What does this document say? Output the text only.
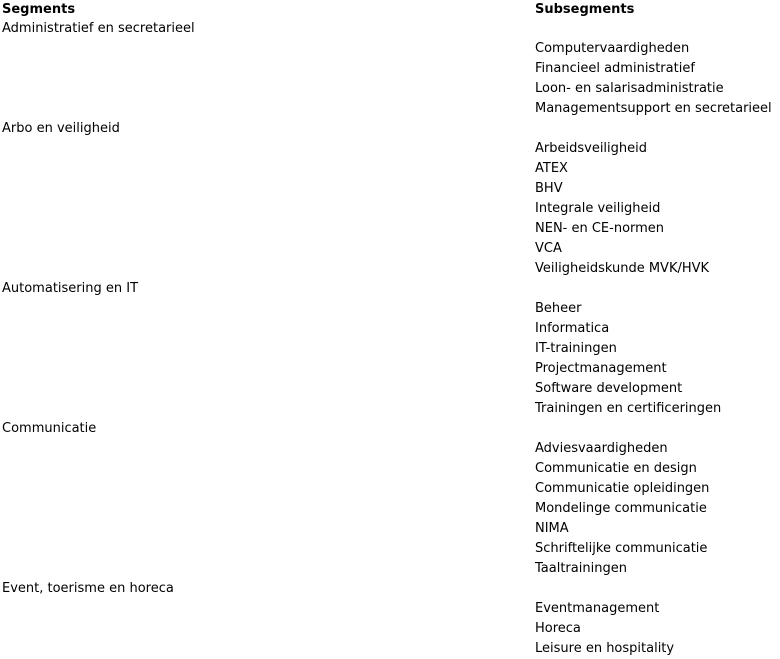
Segments	Subsegments
Administratief en secretarieel
Computervaardigheden
Financieel administratief
Loon- en salarisadministratie
Managementsupport en secretarieel
Arbo en veiligheid
Arbeidsveiligheid
ATEX
BHV
Integrale veiligheid
NEN- en CE-normen
VCA
Veiligheidskunde MVK/HVK
Automatisering en IT
Beheer
Informatica
IT-trainingen
Projectmanagement
Software development
Trainingen en certificeringen
Communicatie
Adviesvaardigheden
Communicatie en design
Communicatie opleidingen
Mondelinge communicatie
NIMA
Schriftelijke communicatie
Taaltrainingen
Event, toerisme en horeca
Eventmanagement
Horeca
Leisure en hospitality
